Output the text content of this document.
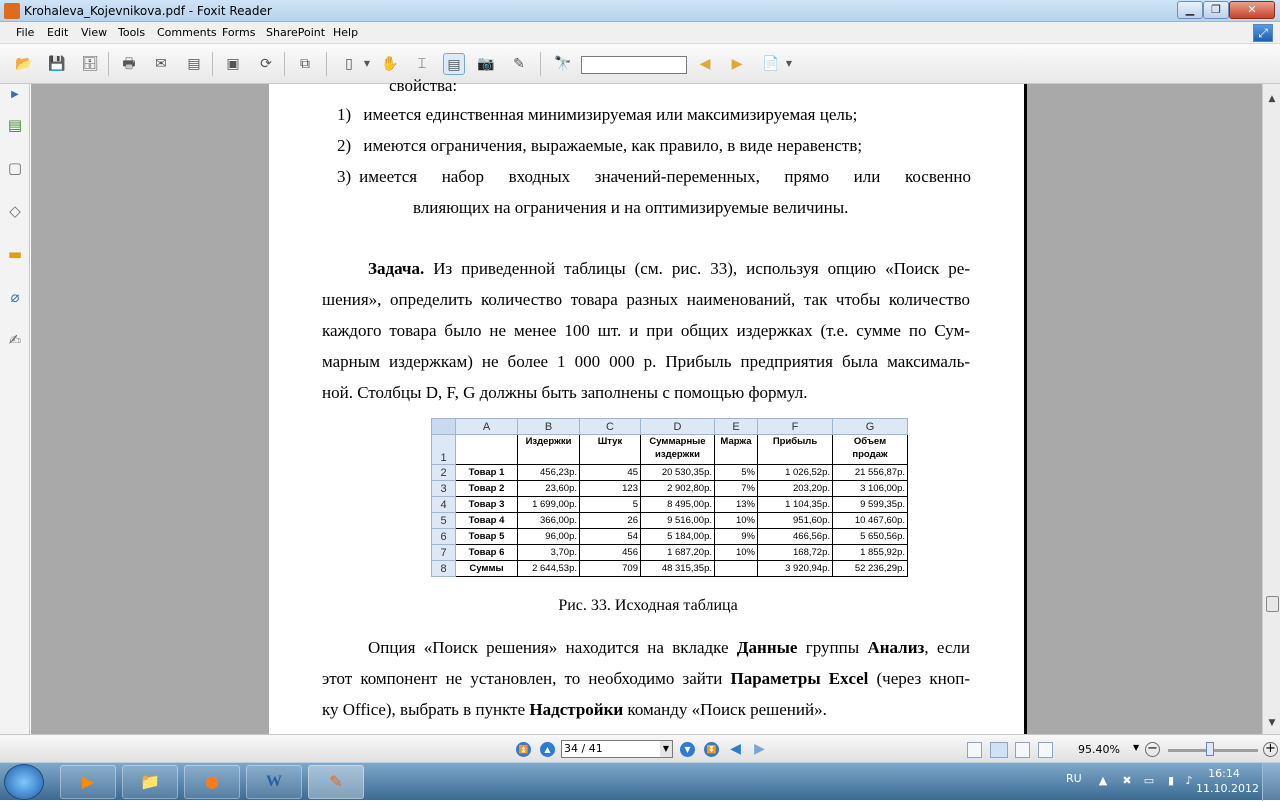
Krohaleva_Kojevnikova.pdf - Foxit Reader	▁	❐	✕
File Edit View Tools Comments Forms SharePoint Help	⤢
📂 💾 🗄	🖶	✉	▤	▣	⟳	⧉	▯	▼ ✋	⌶	▤	📷	✎	🔭	◀	▶	📄 ▼
▶
▤
▢
◇
▬
⌀
✍
свойства:
1) имеется единственная минимизируемая или максимизируемая цель;
2) имеются ограничения, выражаемые, как правило, в виде неравенств;
3) имеется набор входных значений-переменных, прямо или косвенно
влияющих на ограничения и на оптимизируемые величины.
Задача. Из приведенной таблицы (см. рис. 33), используя опцию «Поиск ре-
шения», определить количество товара разных наименований, так чтобы количество
каждого товара было не менее 100 шт. и при общих издержках (т.е. сумме по Сум-
марным издержкам) не более 1 000 000 р. Прибыль предприятия была максималь-
ной. Столбцы D, F, G должны быть заполнены с помощью формул.
	A	B	C	D	E	F	G
1		Издержки	Штук	Суммарные издержки	Маржа	Прибыль	Объем продаж
2	Товар 1	456,23р.	45	20 530,35р.	5%	1 026,52р.	21 556,87р.
3	Товар 2	23,60р.	123	2 902,80р.	7%	203,20р.	3 106,00р.
4	Товар 3	1 699,00р.	5	8 495,00р.	13%	1 104,35р.	9 599,35р.
5	Товар 4	366,00р.	26	9 516,00р.	10%	951,60р.	10 467,60р.
6	Товар 5	96,00р.	54	5 184,00р.	9%	466,56р.	5 650,56р.
7	Товар 6	3,70р.	456	1 687,20р.	10%	168,72р.	1 855,92р.
8	Суммы	2 644,53р.	709	48 315,35р.		3 920,94р.	52 236,29р.
Рис. 33. Исходная таблица
Опция «Поиск решения» находится на вкладке Данные группы Анализ, если
этот компонент не установлен, то необходимо зайти Параметры Excel (через кноп-
ку Office), выбрать в пункте Надстройки команду «Поиск решений».
▲
▼
⏫	▲	34 / 41	▼	▼	⏬ ◀ ▶	95.40% ▼ −	+
▶	📁	●	W	✎	RU ▲ ✖ ▭	▮	♪
16:14
11.10.2012
